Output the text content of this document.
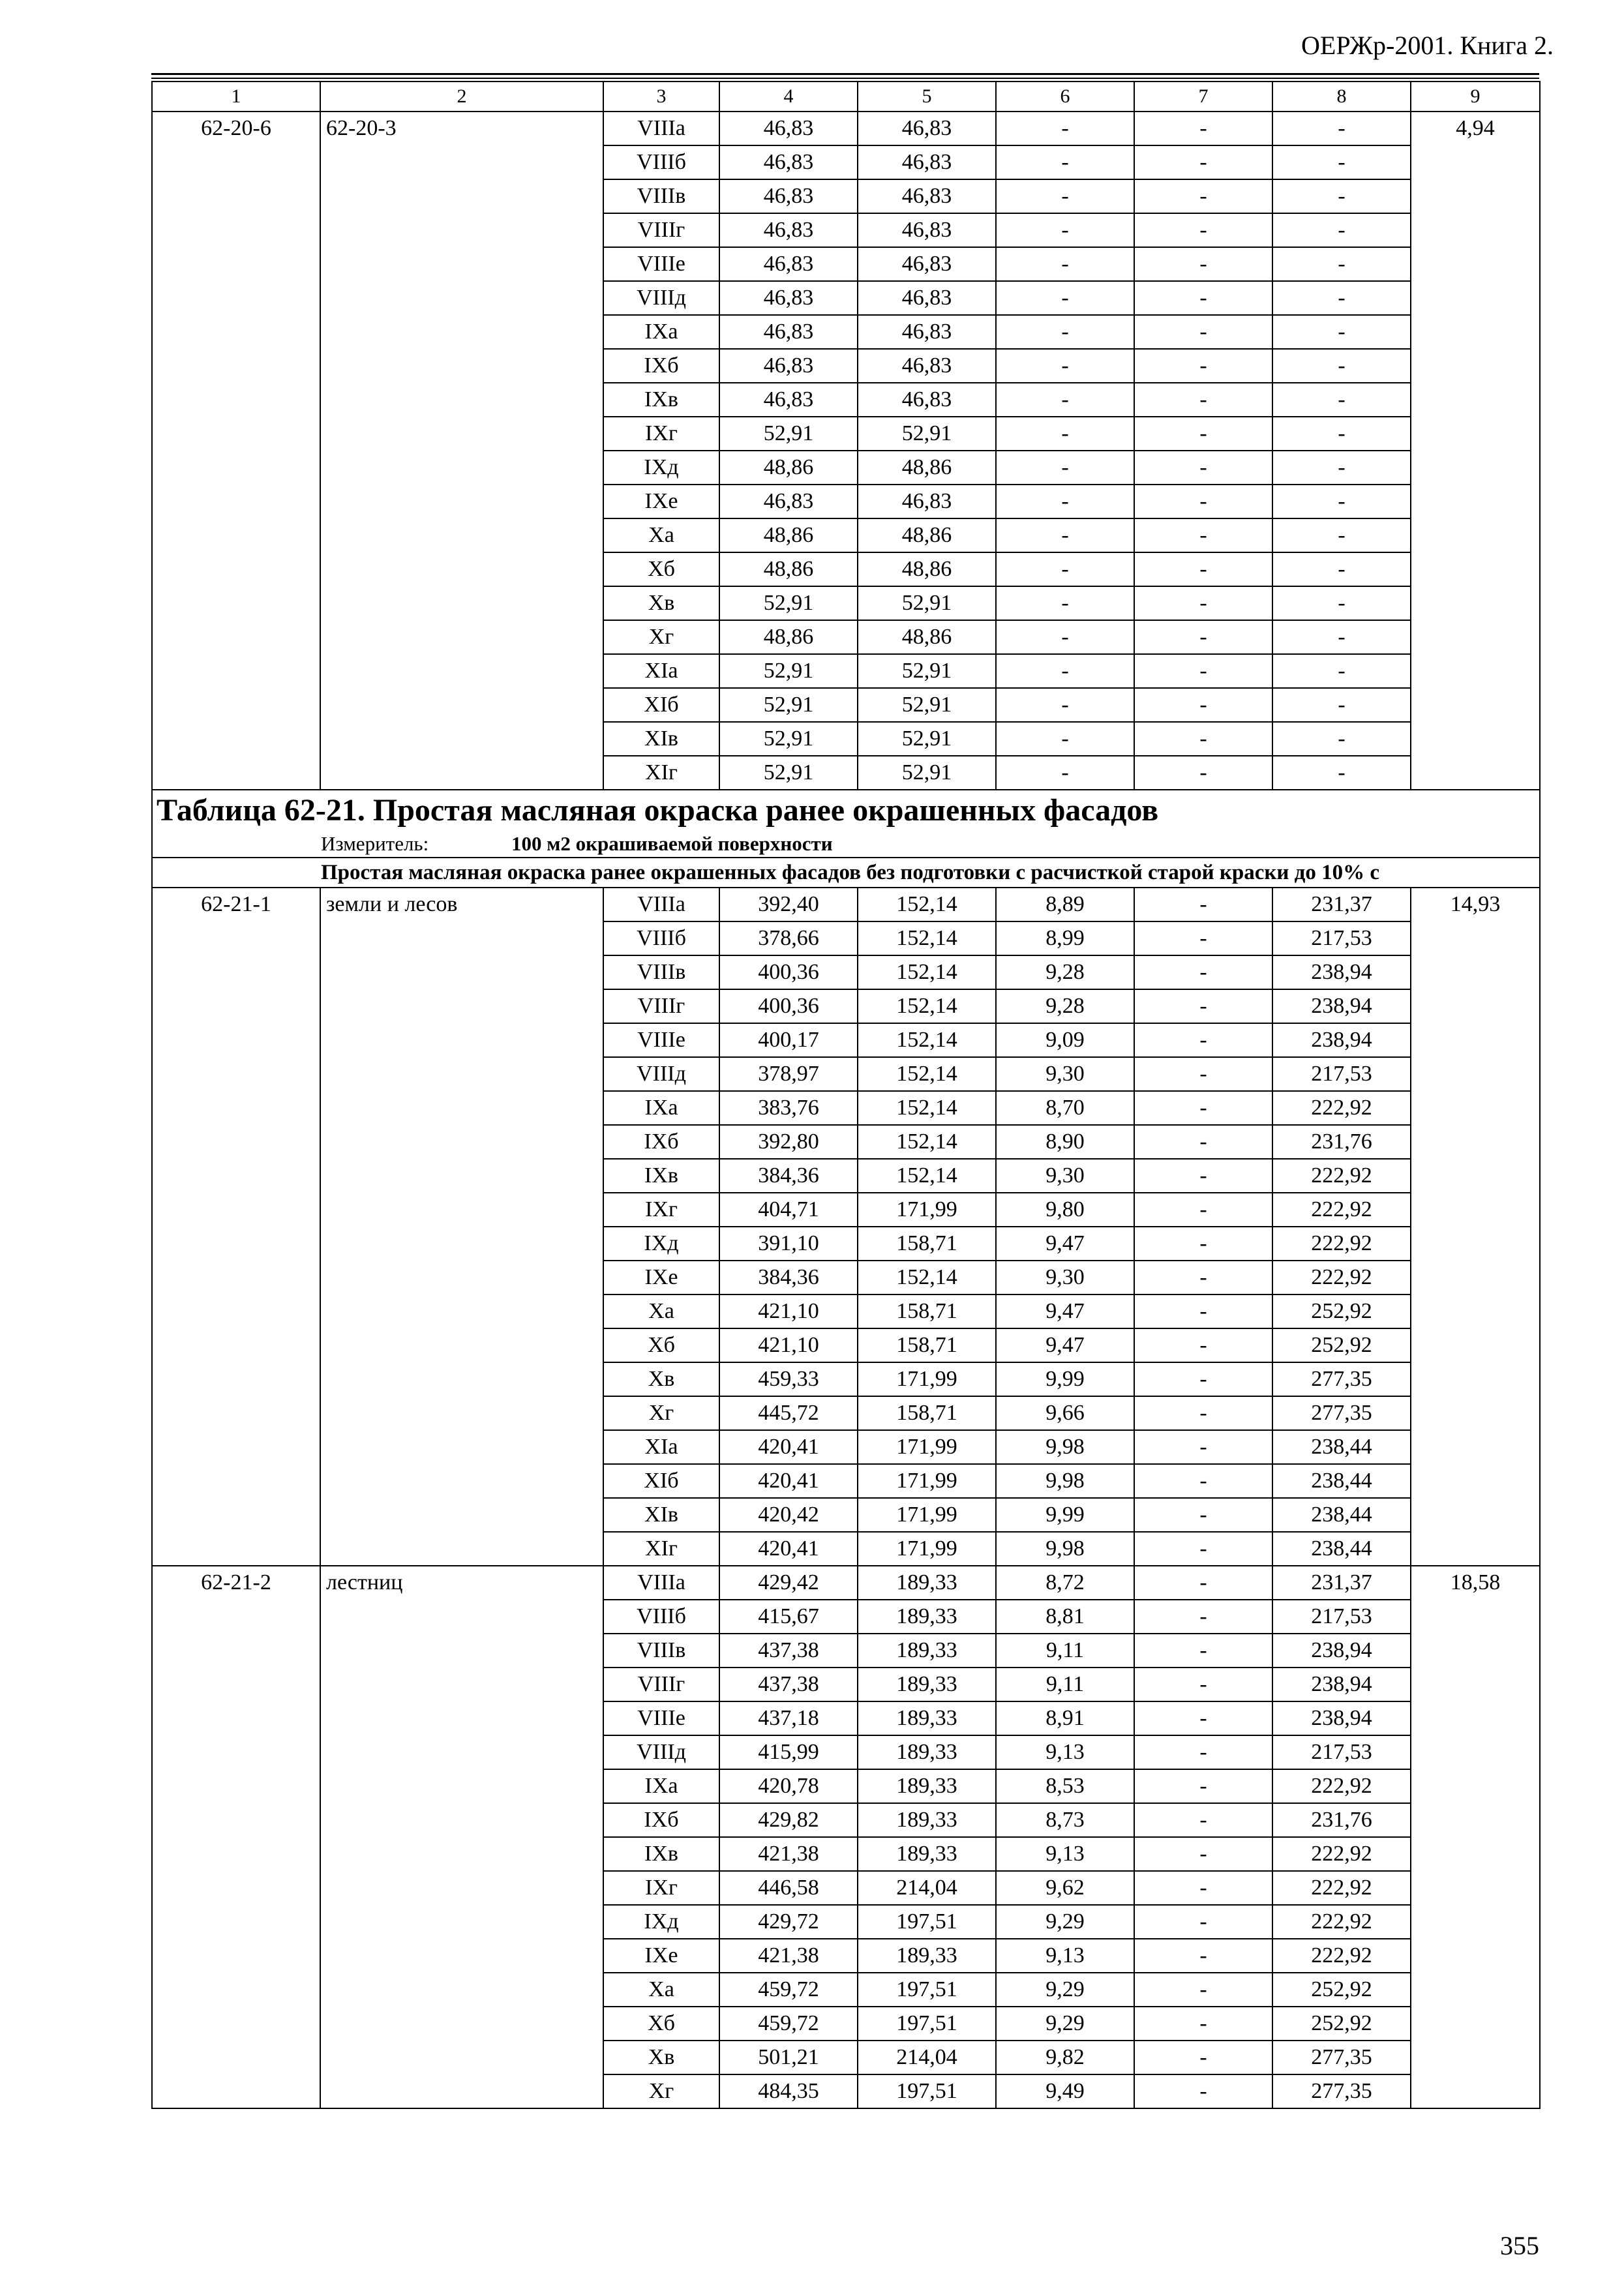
ОЕРЖр-2001. Книга 2.
1	2	3	4	5	6	7	8	9
62-20-6	62-20-3	VIIIа	46,83	46,83	-	-	-	4,94
		VIIIб	46,83	46,83	-	-	-	
		VIIIв	46,83	46,83	-	-	-	
		VIIIг	46,83	46,83	-	-	-	
		VIIIе	46,83	46,83	-	-	-	
		VIIIд	46,83	46,83	-	-	-	
		IXа	46,83	46,83	-	-	-	
		IXб	46,83	46,83	-	-	-	
		IXв	46,83	46,83	-	-	-	
		IXг	52,91	52,91	-	-	-	
		IXд	48,86	48,86	-	-	-	
		IXе	46,83	46,83	-	-	-	
		Xа	48,86	48,86	-	-	-	
		Xб	48,86	48,86	-	-	-	
		Xв	52,91	52,91	-	-	-	
		Xг	48,86	48,86	-	-	-	
		XIа	52,91	52,91	-	-	-	
		XIб	52,91	52,91	-	-	-	
		XIв	52,91	52,91	-	-	-	
		XIг	52,91	52,91	-	-	-	
Таблица 62-21. Простая масляная окраска ранее окрашенных фасадов								
Измеритель: 100 м2 окрашиваемой поверхности								
Простая масляная окраска ранее окрашенных фасадов без подготовки с расчисткой старой краски до 10% с								
62-21-1	земли и лесов	VIIIа	392,40	152,14	8,89	-	231,37	14,93
		VIIIб	378,66	152,14	8,99	-	217,53	
		VIIIв	400,36	152,14	9,28	-	238,94	
		VIIIг	400,36	152,14	9,28	-	238,94	
		VIIIе	400,17	152,14	9,09	-	238,94	
		VIIIд	378,97	152,14	9,30	-	217,53	
		IXа	383,76	152,14	8,70	-	222,92	
		IXб	392,80	152,14	8,90	-	231,76	
		IXв	384,36	152,14	9,30	-	222,92	
		IXг	404,71	171,99	9,80	-	222,92	
		IXд	391,10	158,71	9,47	-	222,92	
		IXе	384,36	152,14	9,30	-	222,92	
		Xа	421,10	158,71	9,47	-	252,92	
		Xб	421,10	158,71	9,47	-	252,92	
		Xв	459,33	171,99	9,99	-	277,35	
		Xг	445,72	158,71	9,66	-	277,35	
		XIа	420,41	171,99	9,98	-	238,44	
		XIб	420,41	171,99	9,98	-	238,44	
		XIв	420,42	171,99	9,99	-	238,44	
		XIг	420,41	171,99	9,98	-	238,44	
62-21-2	лестниц	VIIIа	429,42	189,33	8,72	-	231,37	18,58
		VIIIб	415,67	189,33	8,81	-	217,53	
		VIIIв	437,38	189,33	9,11	-	238,94	
		VIIIг	437,38	189,33	9,11	-	238,94	
		VIIIе	437,18	189,33	8,91	-	238,94	
		VIIIд	415,99	189,33	9,13	-	217,53	
		IXа	420,78	189,33	8,53	-	222,92	
		IXб	429,82	189,33	8,73	-	231,76	
		IXв	421,38	189,33	9,13	-	222,92	
		IXг	446,58	214,04	9,62	-	222,92	
		IXд	429,72	197,51	9,29	-	222,92	
		IXе	421,38	189,33	9,13	-	222,92	
		Xа	459,72	197,51	9,29	-	252,92	
		Xб	459,72	197,51	9,29	-	252,92	
		Xв	501,21	214,04	9,82	-	277,35	
		Xг	484,35	197,51	9,49	-	277,35	
355
